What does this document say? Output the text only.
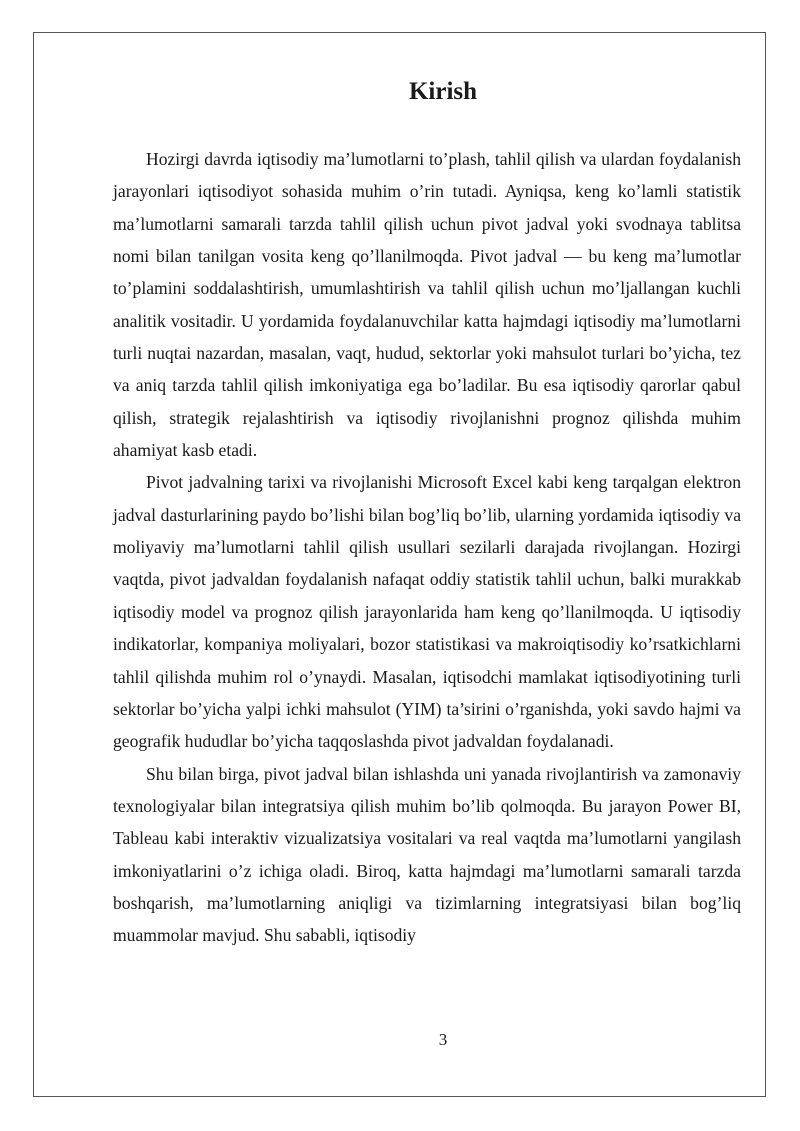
Kirish

Hozirgi davrda iqtisodiy ma’lumotlarni to’plash, tahlil qilish va ulardan foydalanish jarayonlari iqtisodiyot sohasida muhim o’rin tutadi. Ayniqsa, keng ko’lamli statistik ma’lumotlarni samarali tarzda tahlil qilish uchun pivot jadval yoki svodnaya tablitsa nomi bilan tanilgan vosita keng qo’llanilmoqda. Pivot jadval — bu keng ma’lumotlar to’plamini soddalashtirish, umumlashtirish va tahlil qilish uchun mo’ljallangan kuchli analitik vositadir. U yordamida foydalanuvchilar katta hajmdagi iqtisodiy ma’lumotlarni turli nuqtai nazardan, masalan, vaqt, hudud, sektorlar yoki mahsulot turlari bo’yicha, tez va aniq tarzda tahlil qilish imkoniyatiga ega bo’ladilar. Bu esa iqtisodiy qarorlar qabul qilish, strategik rejalashtirish va iqtisodiy rivojlanishni prognoz qilishda muhim ahamiyat kasb etadi.

Pivot jadvalning tarixi va rivojlanishi Microsoft Excel kabi keng tarqalgan elektron jadval dasturlarining paydo bo’lishi bilan bog’liq bo’lib, ularning yordamida iqtisodiy va moliyaviy ma’lumotlarni tahlil qilish usullari sezilarli darajada rivojlangan. Hozirgi vaqtda, pivot jadvaldan foydalanish nafaqat oddiy statistik tahlil uchun, balki murakkab iqtisodiy model va prognoz qilish jarayonlarida ham keng qo’llanilmoqda. U iqtisodiy indikatorlar, kompaniya moliyalari, bozor statistikasi va makroiqtisodiy ko’rsatkichlarni tahlil qilishda muhim rol o’ynaydi. Masalan, iqtisodchi mamlakat iqtisodiyotining turli sektorlar bo’yicha yalpi ichki mahsulot (YIM) ta’sirini o’rganishda, yoki savdo hajmi va geografik hududlar bo’yicha taqqoslashda pivot jadvaldan foydalanadi.

Shu bilan birga, pivot jadval bilan ishlashda uni yanada rivojlantirish va zamonaviy texnologiyalar bilan integratsiya qilish muhim bo’lib qolmoqda. Bu jarayon Power BI, Tableau kabi interaktiv vizualizatsiya vositalari va real vaqtda ma’lumotlarni yangilash imkoniyatlarini o’z ichiga oladi. Biroq, katta hajmdagi ma’lumotlarni samarali tarzda boshqarish, ma’lumotlarning aniqligi va tizimlarning integratsiyasi bilan bog’liq muammolar mavjud. Shu sababli, iqtisodiy

3
